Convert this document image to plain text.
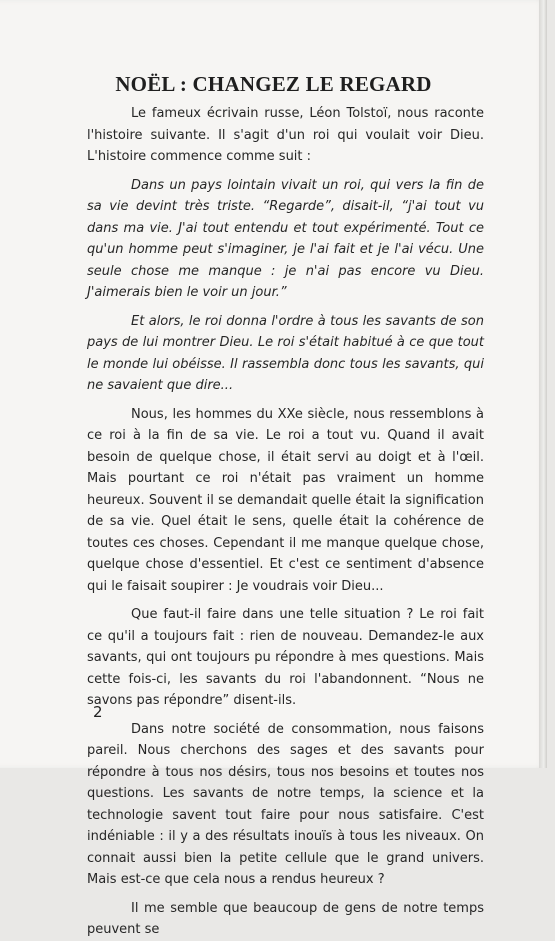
NOËL : CHANGEZ LE REGARD

Le fameux écrivain russe, Léon Tolstoï, nous raconte l'histoire suivante. Il s'agit d'un roi qui voulait voir Dieu. L'histoire commence comme suit :

Dans un pays lointain vivait un roi, qui vers la fin de sa vie devint très triste. “Regarde”, disait-il, “j'ai tout vu dans ma vie. J'ai tout entendu et tout expérimenté. Tout ce qu'un homme peut s'imaginer, je l'ai fait et je l'ai vécu. Une seule chose me manque : je n'ai pas encore vu Dieu. J'aimerais bien le voir un jour.”

Et alors, le roi donna l'ordre à tous les savants de son pays de lui montrer Dieu. Le roi s'était habitué à ce que tout le monde lui obéisse. Il rassembla donc tous les savants, qui ne savaient que dire...

Nous, les hommes du XXe siècle, nous ressemblons à ce roi à la fin de sa vie. Le roi a tout vu. Quand il avait besoin de quelque chose, il était servi au doigt et à l'œil. Mais pourtant ce roi n'était pas vraiment un homme heureux. Souvent il se demandait quelle était la signification de sa vie. Quel était le sens, quelle était la cohérence de toutes ces choses. Cependant il me manque quelque chose, quelque chose d'essentiel. Et c'est ce sentiment d'absence qui le faisait soupirer : Je voudrais voir Dieu...

Que faut-il faire dans une telle situation ? Le roi fait ce qu'il a toujours fait : rien de nouveau. Demandez-le aux savants, qui ont toujours pu répondre à mes questions. Mais cette fois-ci, les savants du roi l'abandonnent. “Nous ne savons pas répondre” disent-ils.

Dans notre société de consommation, nous faisons pareil. Nous cherchons des sages et des savants pour répondre à tous nos désirs, tous nos besoins et toutes nos questions. Les savants de notre temps, la science et la technologie savent tout faire pour nous satisfaire. C'est indéniable : il y a des résultats inouïs à tous les niveaux. On connait aussi bien la petite cellule que le grand univers. Mais est-ce que cela nous a rendus heureux ?

Il me semble que beaucoup de gens de notre temps peuvent se

2
